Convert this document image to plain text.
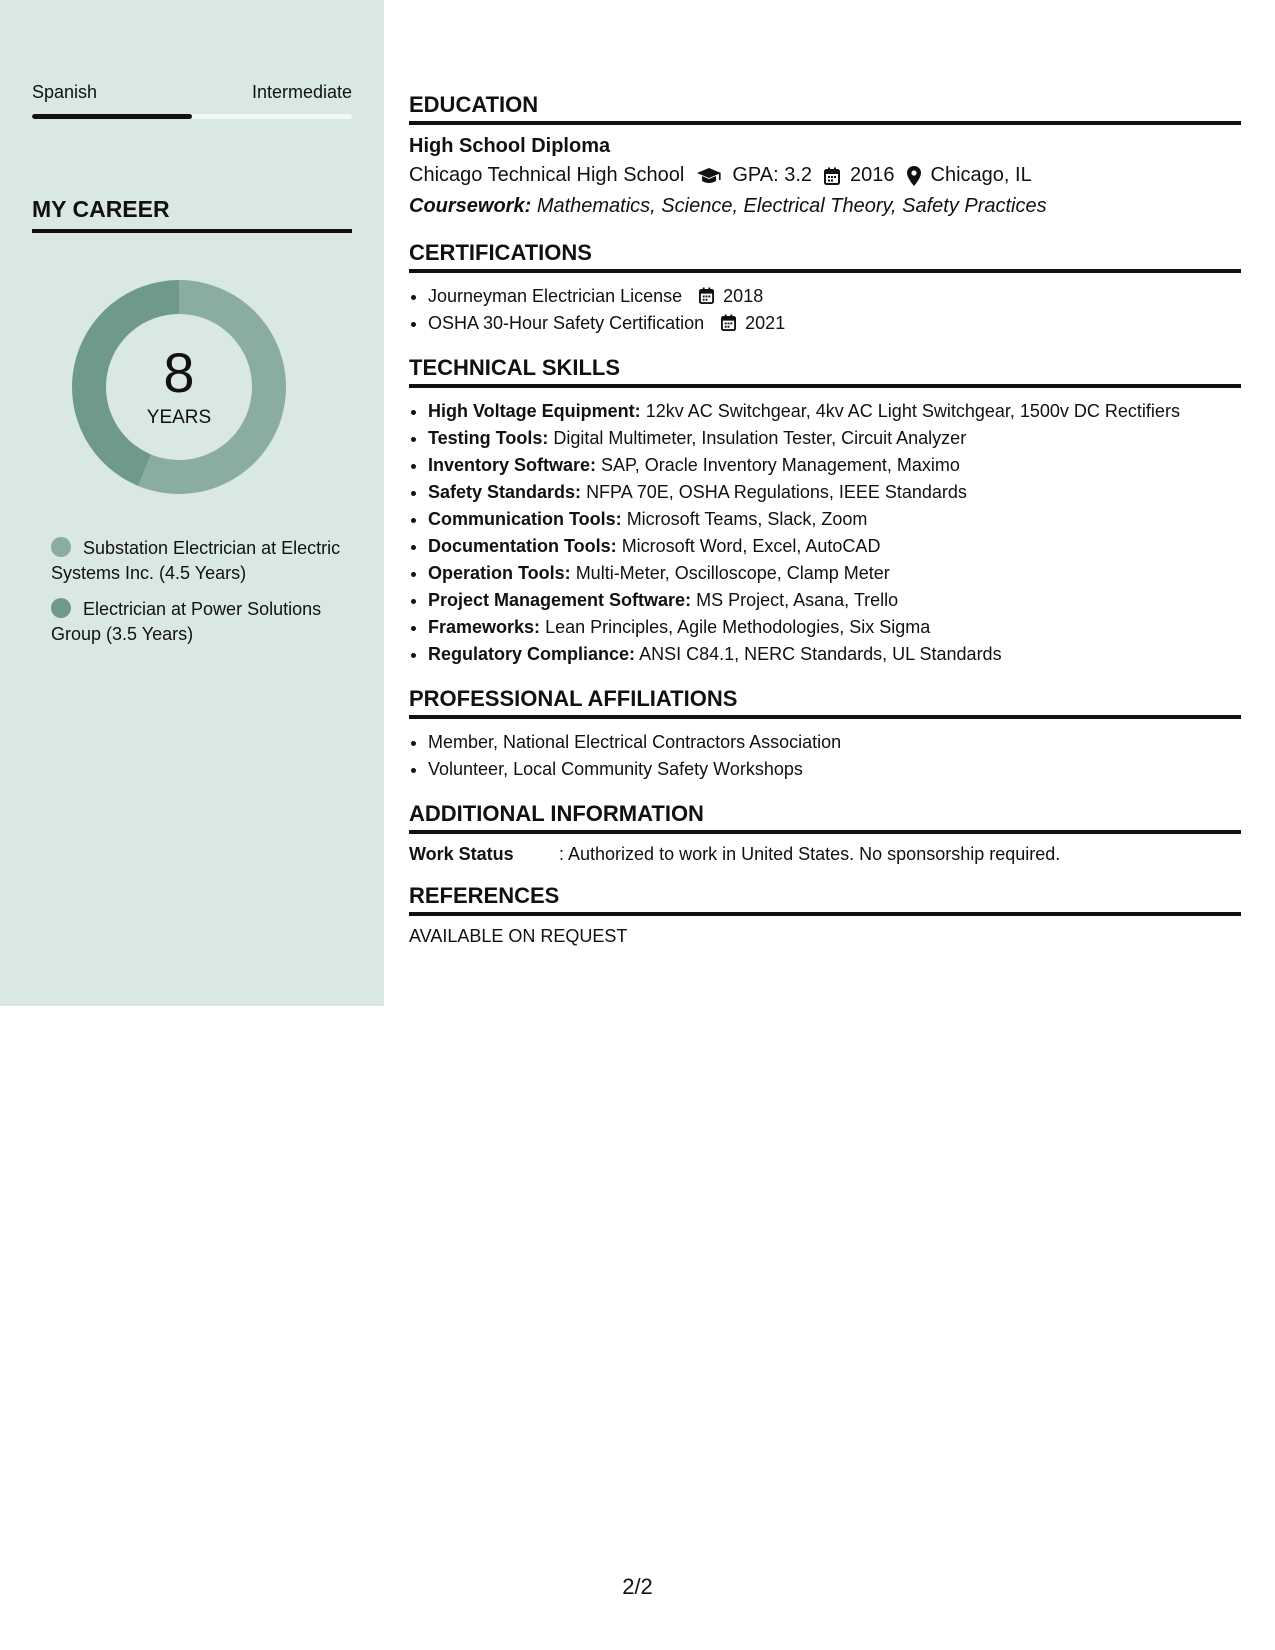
Spanish	Intermediate
MY CAREER
8
YEARS
Substation Electrician at Electric Systems Inc. (4.5 Years)
Electrician at Power Solutions Group (3.5 Years)
EDUCATION
High School Diploma
Chicago Technical High School GPA: 3.2 2016 Chicago, IL
Coursework: Mathematics, Science, Electrical Theory, Safety Practices
CERTIFICATIONS
• Journeyman Electrician License 2018
• OSHA 30-Hour Safety Certification 2021
TECHNICAL SKILLS
• High Voltage Equipment: 12kv AC Switchgear, 4kv AC Light Switchgear, 1500v DC Rectifiers
• Testing Tools: Digital Multimeter, Insulation Tester, Circuit Analyzer
• Inventory Software: SAP, Oracle Inventory Management, Maximo
• Safety Standards: NFPA 70E, OSHA Regulations, IEEE Standards
• Communication Tools: Microsoft Teams, Slack, Zoom
• Documentation Tools: Microsoft Word, Excel, AutoCAD
• Operation Tools: Multi-Meter, Oscilloscope, Clamp Meter
• Project Management Software: MS Project, Asana, Trello
• Frameworks: Lean Principles, Agile Methodologies, Six Sigma
• Regulatory Compliance: ANSI C84.1, NERC Standards, UL Standards
PROFESSIONAL AFFILIATIONS
• Member, National Electrical Contractors Association
• Volunteer, Local Community Safety Workshops
ADDITIONAL INFORMATION
Work Status	: Authorized to work in United States. No sponsorship required.
REFERENCES
AVAILABLE ON REQUEST
2/2
